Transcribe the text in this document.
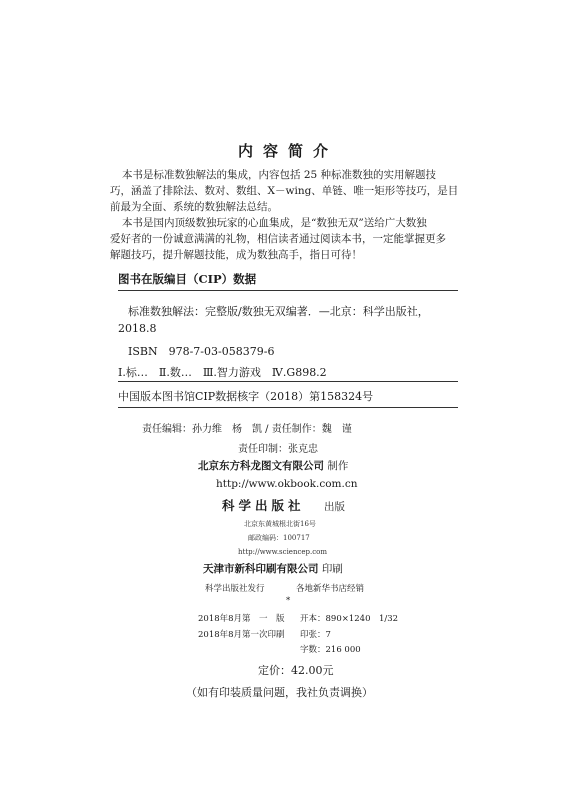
内容简介
本书是标准数独解法的集成，内容包括 25 种标准数独的实用解题技
巧，涵盖了排除法、数对、数组、X－wing、单链、唯一矩形等技巧，是目
前最为全面、系统的数独解法总结。
本书是国内顶级数独玩家的心血集成，是“数独无双”送给广大数独
爱好者的一份诚意满满的礼物，相信读者通过阅读本书，一定能掌握更多
解题技巧，提升解题技能，成为数独高手，指日可待！
图书在版编目（CIP）数据
标准数独解法：完整版/数独无双编著．—北京：科学出版社，
2018.8
ISBN　978-7-03-058379-6
Ⅰ.标…　Ⅱ.数…　Ⅲ.智力游戏　Ⅳ.G898.2
中国版本图书馆CIP数据核字（2018）第158324号
责任编辑：孙力维　杨　凯 / 责任制作：魏　谨
责任印制：张克忠
北京东方科龙图文有限公司 制作
http://www.okbook.com.cn
科学出版社 出版
北京东黄城根北街16号
邮政编码：100717
http://www.sciencep.com
天津市新科印刷有限公司 印刷
科学出版社发行	各地新华书店经销
*
2018年8月第　一　版 开本：890×1240　1/32
2018年8月第一次印刷 印张：7
字数：216 000
定价：42.00元
（如有印装质量问题，我社负责调换）
